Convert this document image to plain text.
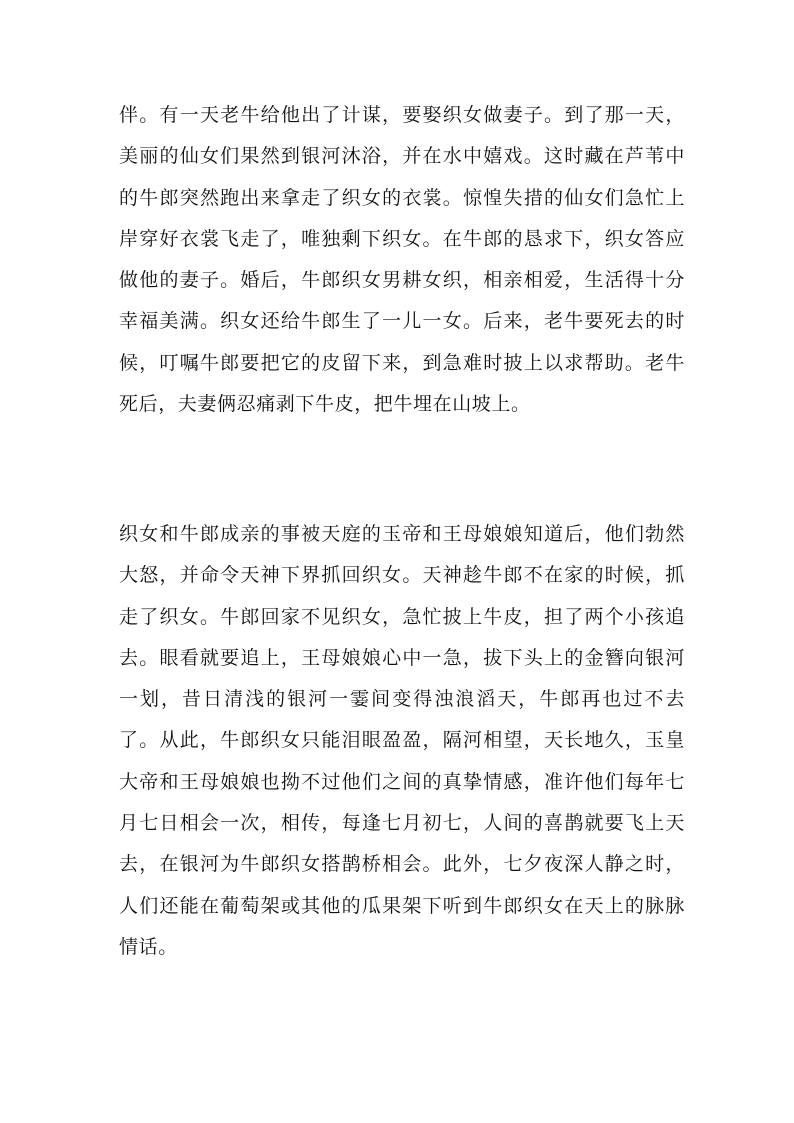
伴。有一天老牛给他出了计谋，要娶织女做妻子。到了那一天，美丽的仙女们果然到银河沐浴，并在水中嬉戏。这时藏在芦苇中的牛郎突然跑出来拿走了织女的衣裳。惊惶失措的仙女们急忙上岸穿好衣裳飞走了，唯独剩下织女。在牛郎的恳求下，织女答应做他的妻子。婚后，牛郎织女男耕女织，相亲相爱，生活得十分幸福美满。织女还给牛郎生了一儿一女。后来，老牛要死去的时候，叮嘱牛郎要把它的皮留下来，到急难时披上以求帮助。老牛死后，夫妻俩忍痛剥下牛皮，把牛埋在山坡上。

织女和牛郎成亲的事被天庭的玉帝和王母娘娘知道后，他们勃然大怒，并命令天神下界抓回织女。天神趁牛郎不在家的时候，抓走了织女。牛郎回家不见织女，急忙披上牛皮，担了两个小孩追去。眼看就要追上，王母娘娘心中一急，拔下头上的金簪向银河一划，昔日清浅的银河一霎间变得浊浪滔天，牛郎再也过不去了。从此，牛郎织女只能泪眼盈盈，隔河相望，天长地久，玉皇大帝和王母娘娘也拗不过他们之间的真挚情感，准许他们每年七月七日相会一次，相传，每逢七月初七，人间的喜鹊就要飞上天去，在银河为牛郎织女搭鹊桥相会。此外，七夕夜深人静之时，人们还能在葡萄架或其他的瓜果架下听到牛郎织女在天上的脉脉情话。
